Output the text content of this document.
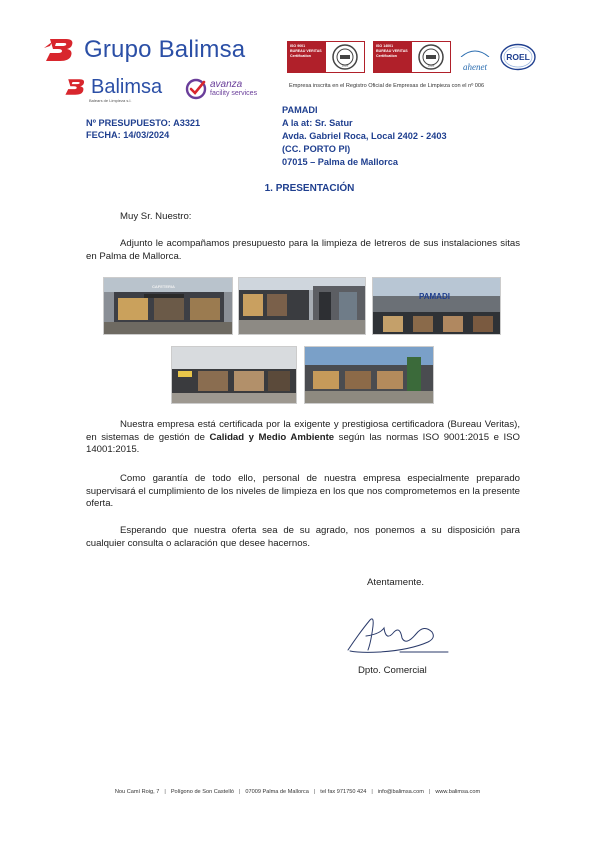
Grupo Balimsa	ISO 9001
BUREAU VERITAS
Certification
1828
ISO 14001
BUREAU VERITAS
Certification
1828	ahenet

ROEL
Balimsa
Balears de Limpieza s.l.
avanza
facility services
Empresa inscrita en el Registro Oficial de Empresas de Limpieza con el nº 006
Nº PRESUPUESTO: A3321
FECHA: 14/03/2024
PAMADI
A la at: Sr. Satur
Avda. Gabriel Roca, Local 2402 - 2403
(CC. PORTO PI)
07015 – Palma de Mallorca
1. PRESENTACIÓN
Muy Sr. Nuestro:
Adjunto le acompañamos presupuesto para la limpieza de letreros de sus instalaciones sitas en Palma de Mallorca.
CAFETERIA
PAMADI
Nuestra empresa está certificada por la exigente y prestigiosa certificadora (Bureau Veritas), en sistemas de gestión de Calidad y Medio Ambiente según las normas ISO 9001:2015 e ISO 14001:2015.
Como garantía de todo ello, personal de nuestra empresa especialmente preparado supervisará el cumplimiento de los niveles de limpieza en los que nos comprometemos en la presente oferta.
Esperando que nuestra oferta sea de su agrado, nos ponemos a su disposición para cualquier consulta o aclaración que desee hacernos.
Atentamente.
Dpto. Comercial
Nou Camí Roig, 7 | Polígono de Son Castelló | 07009 Palma de Mallorca | tel fax 971750 424 | info@balimsa.com | www.balimsa.com
